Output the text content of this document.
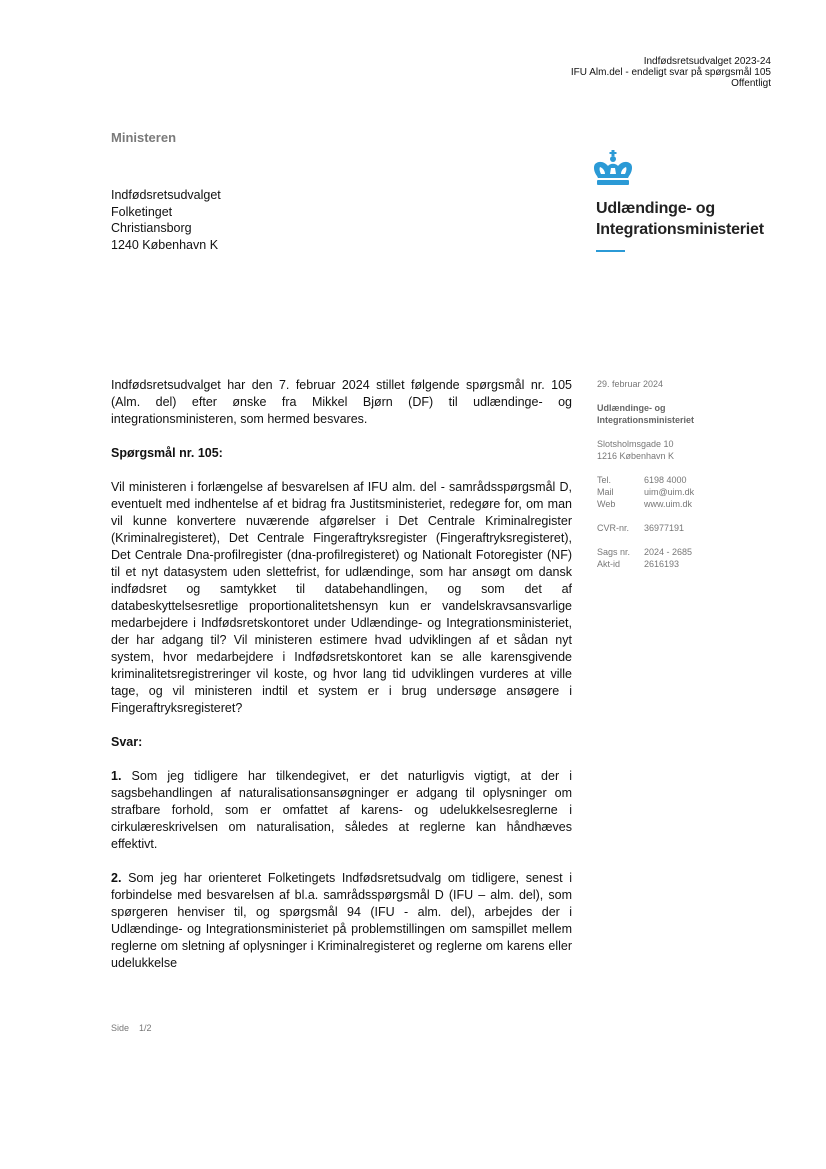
Indfødsretsudvalget 2023-24
IFU Alm.del - endeligt svar på spørgsmål 105
Offentligt
Ministeren
Indfødsretsudvalget
Folketinget
Christiansborg
1240 København K
Udlændinge- og
Integrationsministeriet

Indfødsretsudvalget har den 7. februar 2024 stillet følgende spørgsmål nr. 105 (Alm. del) efter ønske fra Mikkel Bjørn (DF) til udlændinge- og integrationsministeren, som hermed besvares.

Spørgsmål nr. 105:

Vil ministeren i forlængelse af besvarelsen af IFU alm. del - samrådsspørgsmål D, eventuelt med indhentelse af et bidrag fra Justitsministeriet, redegøre for, om man vil kunne konvertere nuværende afgørelser i Det Centrale Kriminalregister (Kriminalregisteret), Det Centrale Fingeraftryksregister (Fingeraftryksregisteret), Det Centrale Dna-profilregister (dna-profilregisteret) og Nationalt Fotoregister (NF) til et nyt datasystem uden slettefrist, for udlændinge, som har ansøgt om dansk indfødsret og samtykket til databehandlingen, og som det af databeskyttelsesretlige proportionalitetshensyn kun er vandelskravsansvarlige medarbejdere i Indfødsretskontoret under Udlændinge- og Integrationsministeriet, der har adgang til? Vil ministeren estimere hvad udviklingen af et sådan nyt system, hvor medarbejdere i Indfødsretskontoret kan se alle karensgivende kriminalitetsregistreringer vil koste, og hvor lang tid udviklingen vurderes at ville tage, og vil ministeren indtil et system er i brug undersøge ansøgere i Fingeraftryksregisteret?

Svar:

1. Som jeg tidligere har tilkendegivet, er det naturligvis vigtigt, at der i sagsbehandlingen af naturalisationsansøgninger er adgang til oplysninger om strafbare forhold, som er omfattet af karens- og udelukkelsesreglerne i cirkulæreskrivelsen om naturalisation, således at reglerne kan håndhæves effektivt.

2. Som jeg har orienteret Folketingets Indfødsretsudvalg om tidligere, senest i forbindelse med besvarelsen af bl.a. samrådsspørgsmål D (IFU – alm. del), som spørgeren henviser til, og spørgsmål 94 (IFU - alm. del), arbejdes der i Udlændinge- og Integrationsministeriet på problemstillingen om samspillet mellem reglerne om sletning af oplysninger i Kriminalregisteret og reglerne om karens eller udelukkelse

29. februar 2024
Udlændinge- og
Integrationsministeriet
Slotsholmsgade 10
1216 København K
Tel.	6198 4000
Mail	uim@uim.dk
Web	www.uim.dk
CVR-nr.	36977191
Sags nr.	2024 - 2685
Akt-id	2616193
Side 1/2
